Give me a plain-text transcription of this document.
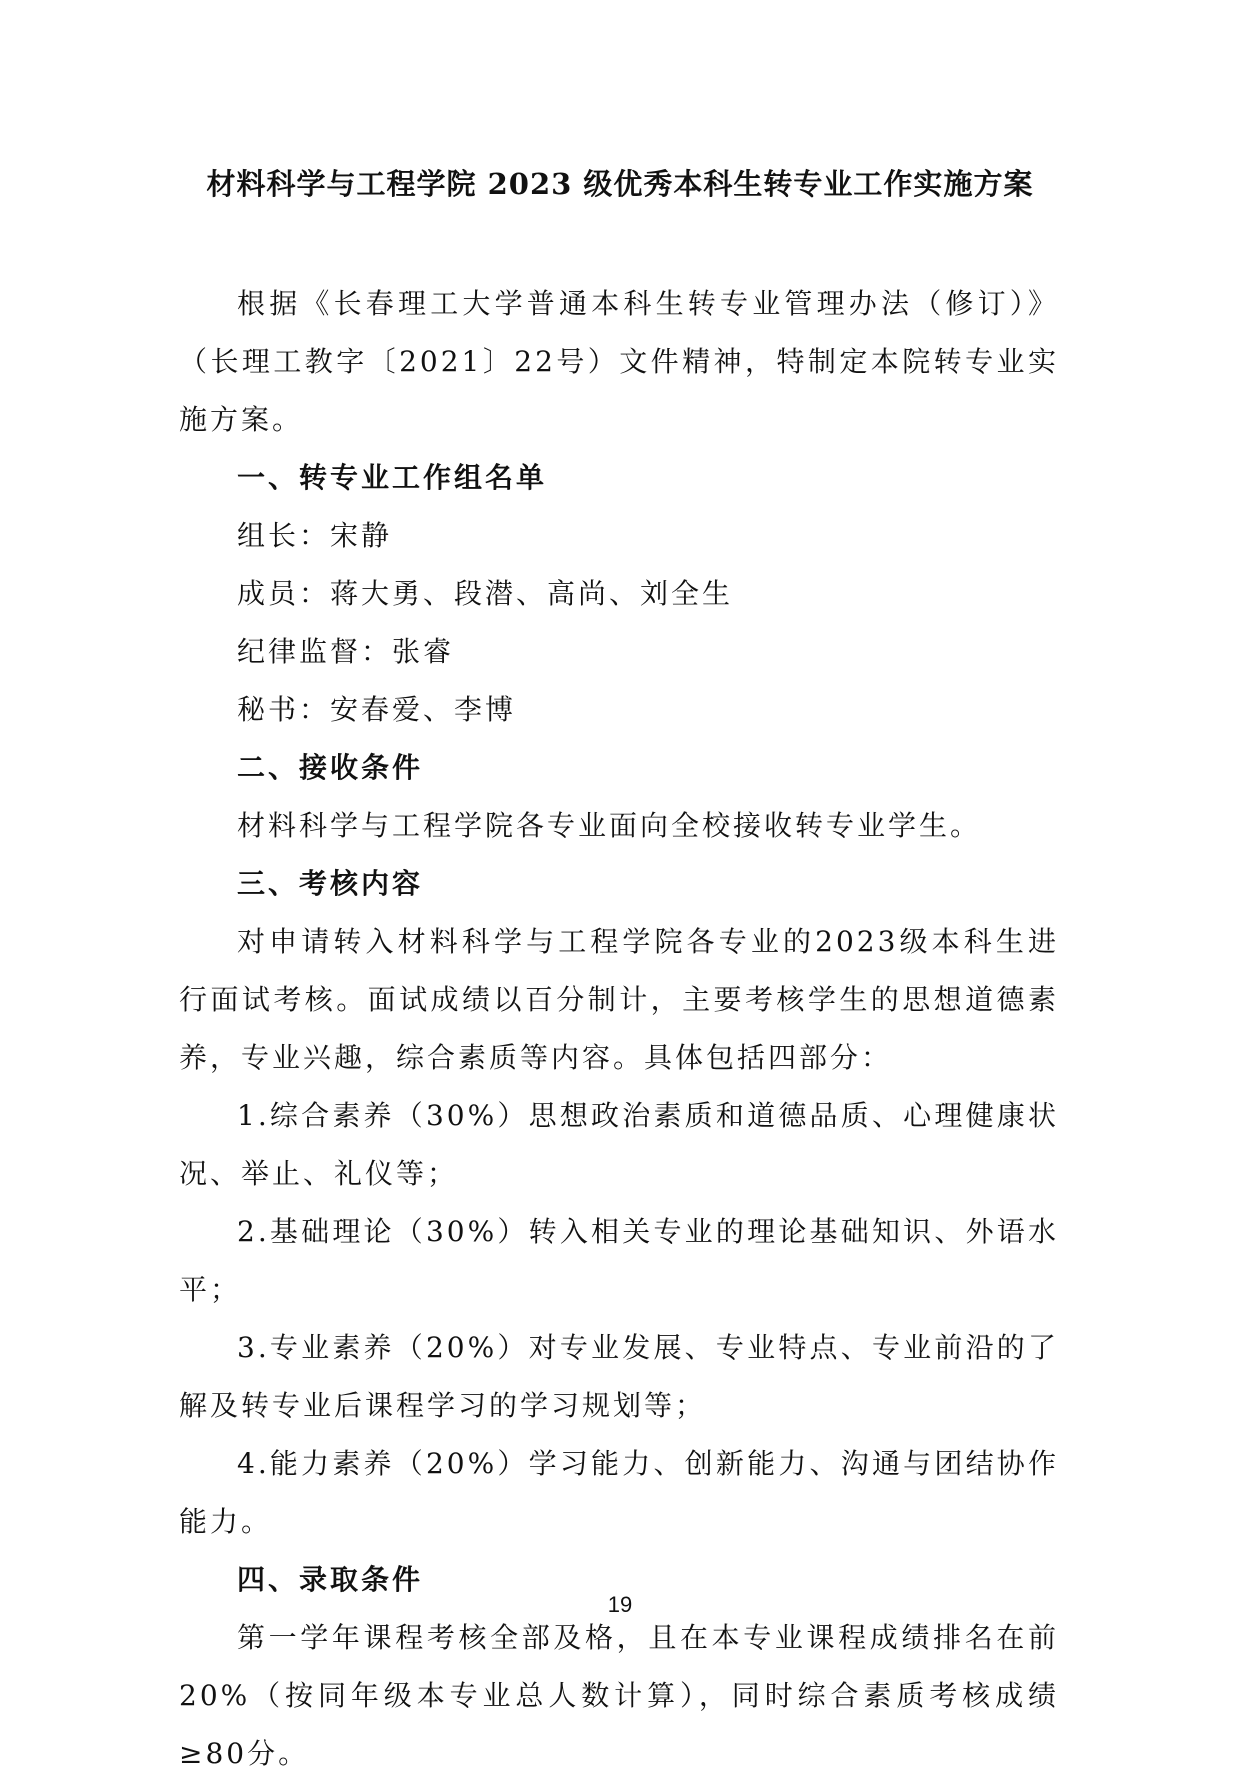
材料科学与工程学院 2023 级优秀本科生转专业工作实施方案

根据《长春理工大学普通本科生转专业管理办法（修订）》（长理工教字〔2021〕22号）文件精神，特制定本院转专业实施方案。

一、转专业工作组名单

组长：宋静

成员：蒋大勇、段潜、高尚、刘全生

纪律监督：张睿

秘书：安春爱、李博

二、接收条件

材料科学与工程学院各专业面向全校接收转专业学生。

三、考核内容

对申请转入材料科学与工程学院各专业的2023级本科生进行面试考核。面试成绩以百分制计，主要考核学生的思想道德素养，专业兴趣，综合素质等内容。具体包括四部分：

1.综合素养（30%）思想政治素质和道德品质、心理健康状况、举止、礼仪等；

2.基础理论（30%）转入相关专业的理论基础知识、外语水平；

3.专业素养（20%）对专业发展、专业特点、专业前沿的了解及转专业后课程学习的学习规划等；

4.能力素养（20%）学习能力、创新能力、沟通与团结协作能力。

四、录取条件

第一学年课程考核全部及格，且在本专业课程成绩排名在前20%（按同年级本专业总人数计算），同时综合素质考核成绩≥80分。

19
